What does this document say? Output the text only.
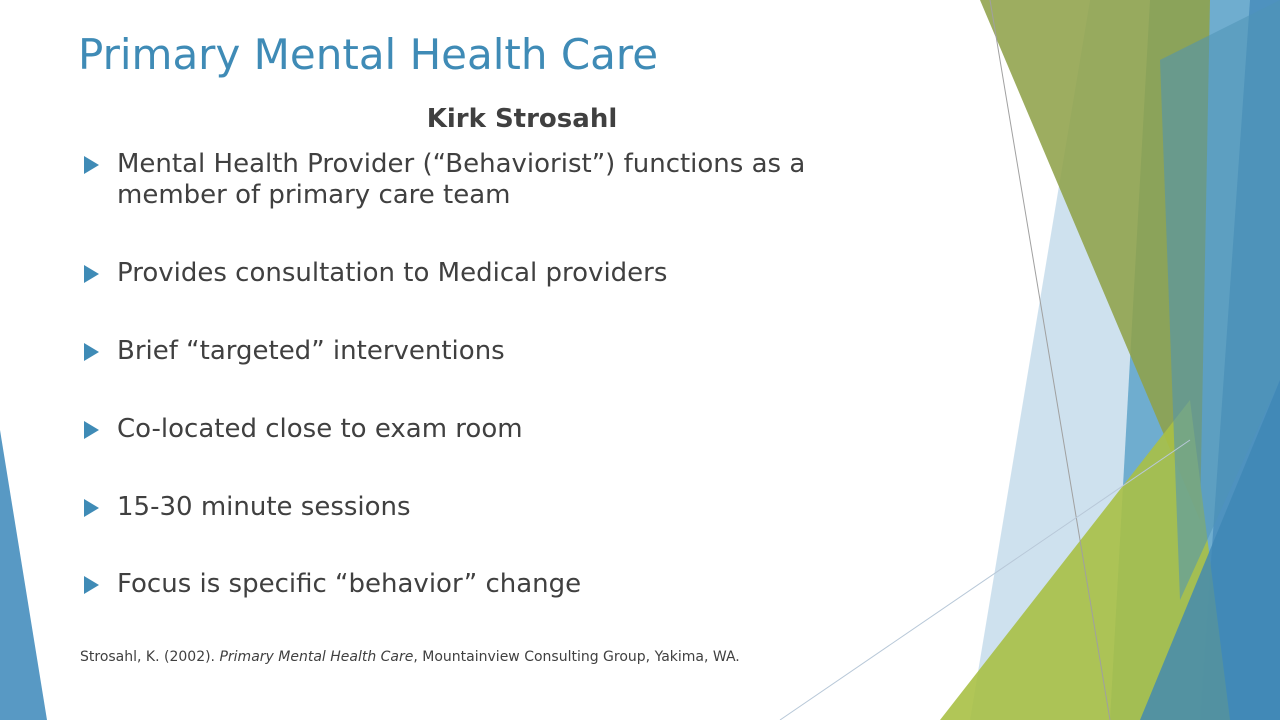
Primary Mental Health Care
Kirk Strosahl
Mental Health Provider (“Behaviorist”) functions as a member of primary care team
Provides consultation to Medical providers
Brief “targeted” interventions
Co-located close to exam room
15-30 minute sessions
Focus is specific “behavior” change
Strosahl, K. (2002). Primary Mental Health Care, Mountainview Consulting Group, Yakima, WA.
